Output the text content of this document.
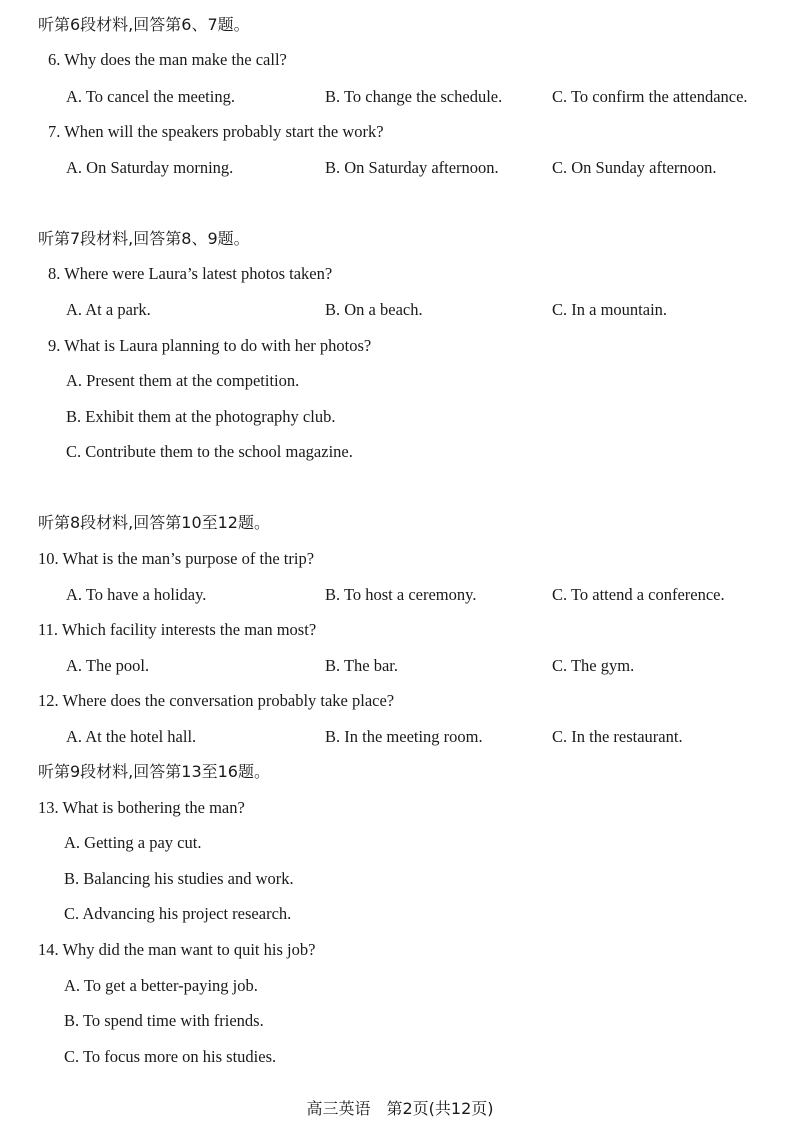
听第6段材料,回答第6、7题。
6. Why does the man make the call?
A. To cancel the meeting.	B. To change the schedule.	C. To confirm the attendance.
7. When will the speakers probably start the work?
A. On Saturday morning.	B. On Saturday afternoon.	C. On Sunday afternoon.
听第7段材料,回答第8、9题。
8. Where were Laura’s latest photos taken?
A. At a park.	B. On a beach.	C. In a mountain.
9. What is Laura planning to do with her photos?
A. Present them at the competition.
B. Exhibit them at the photography club.
C. Contribute them to the school magazine.
听第8段材料,回答第10至12题。
10. What is the man’s purpose of the trip?
A. To have a holiday.	B. To host a ceremony.	C. To attend a conference.
11. Which facility interests the man most?
A. The pool.	B. The bar.	C. The gym.
12. Where does the conversation probably take place?
A. At the hotel hall.	B. In the meeting room.	C. In the restaurant.
听第9段材料,回答第13至16题。
13. What is bothering the man?
A. Getting a pay cut.
B. Balancing his studies and work.
C. Advancing his project research.
14. Why did the man want to quit his job?
A. To get a better-paying job.
B. To spend time with friends.
C. To focus more on his studies.
高三英语　第2页(共12页)
